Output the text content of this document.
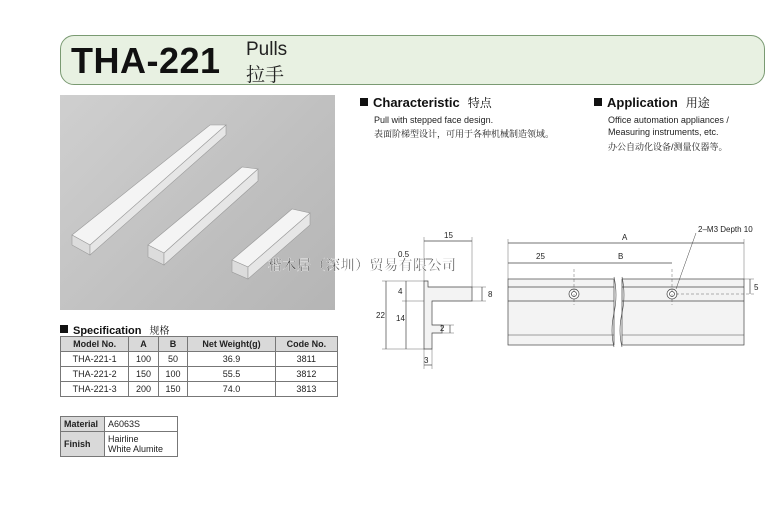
THA-221 Pulls
拉手
Characteristic 特点
Pull with stepped face design.
表面阶梯型设计，可用于各种机械制造领域。
Application 用途
Office automation appliances /
Measuring instruments, etc.
办公自动化设备/测量仪器等。
Specification 规格
Model No.	A	B	Net Weight(g)	Code No.
THA-221-1	100	50	36.9	3811
THA-221-2	150	100	55.5	3812
THA-221-3	200	150	74.0	3813
Material	A6063S
Finish	Hairline
White Alumite
15
0.5
4	8
22 14
2
3
A
25	B
5
2–M3 Depth 10
楷木居（深圳）贸易有限公司
